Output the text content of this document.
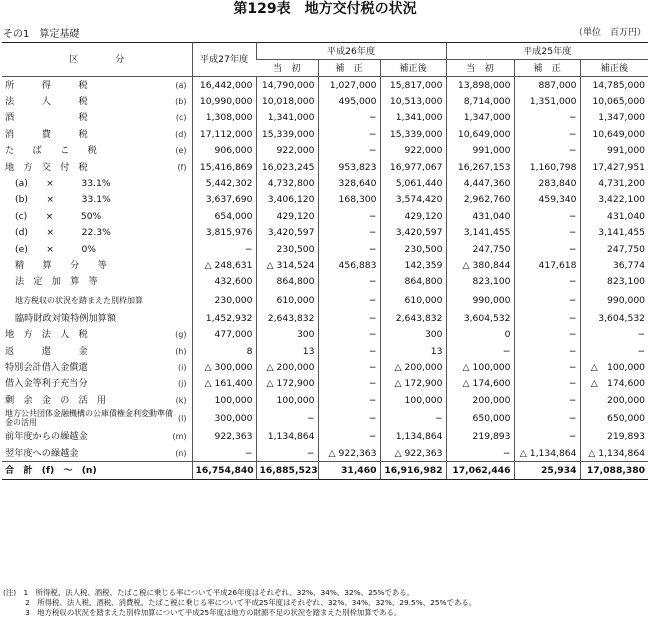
第129表　地方交付税の状況
その1　算定基礎	（単位　百万円）
区　　　　分	平成27年度	平成26年度			平成25年度		
		当　初	補　正	補正後	当　初	補　正	補正後

所　　　得　　　税 (a)	16,442,000	14,790,000	1,027,000	15,817,000	13,898,000	887,000	14,785,000

法　　　人　　　税 (b)	10,990,000	10,018,000	495,000	10,513,000	8,714,000	1,351,000	10,065,000

酒　　　　　　　税 (c)	1,308,000	1,341,000	−	1,341,000	1,347,000	−	1,347,000

消　　　費　　　税 (d)	17,112,000	15,339,000	−	15,339,000	10,649,000	−	10,649,000

た　　ば　　こ　　税 (e)	906,000	922,000	−	922,000	991,000	−	991,000

地　方　交　付　税 (f)	15,416,869	16,023,245	953,823	16,977,067	16,267,153	1,160,798	17,427,951

(a)　　×　　　33.1%	5,442,302	4,732,800	328,640	5,061,440	4,447,360	283,840	4,731,200

(b)　　×　　　33.1%	3,637,690	3,406,120	168,300	3,574,420	2,962,760	459,340	3,422,100

(c)　　×　　　50%	654,000	429,120	−	429,120	431,040	−	431,040

(d)　　×　　　22.3%	3,815,976	3,420,597	−	3,420,597	3,141,455	−	3,141,455

(e)　　×　　　0%	−	230,500	−	230,500	247,750	−	247,750

精　　算　　分　　等	△ 248,631	△ 314,524	456,883	142,359	△ 380,844	417,618	36,774

法　定　加　算　等	432,600	864,800	−	864,800	823,100	−	823,100

地方税収の状況を踏まえた別枠加算	230,000	610,000	−	610,000	990,000	−	990,000

臨時財政対策特例加算額	1,452,932	2,643,832	−	2,643,832	3,604,532	−	3,604,532

地　方　法　人　税 (g)	477,000	300	−	300	0	−	−

返　　　還　　　金 (h)	8	13	−	13	−	−	−

特別会計借入金償還 (i)	△ 300,000	△ 200,000	−	△ 200,000	△ 100,000	−	△　100,000

借入金等利子充当分 (j)	△ 161,400	△ 172,900	−	△ 172,900	△ 174,600	−	△　174,600

剰　余　金　の　活　用 (k)	100,000	100,000	−	100,000	200,000	−	200,000

地方公共団体金融機構の公庫債権金利変動準備金の活用 (l)	300,000	−	−	−	650,000	−	650,000

前年度からの繰越金 (m)	922,363	1,134,864	−	1,134,864	219,893	−	219,893

翌年度への繰越金 (n)	−	−	△ 922,363	△ 922,363	−	△ 1,134,864	△ 1,134,864
合　計　(f)　〜　(n)	16,754,840	16,885,523	31,460	16,916,982	17,062,446	25,934	17,088,380
(注)　1　所得税、法人税、酒税、たばこ税に乗じる率について平成26年度はそれぞれ、32%、34%、32%、25%である。
　　　2　所得税、法人税、酒税、消費税、たばこ税に乗じる率について平成25年度はそれぞれ、32%、34%、32%、29.5%、25%である。
　　　3　地方税収の状況を踏まえた別枠加算について平成25年度は地方の財源不足の状況を踏まえた別枠加算である。
